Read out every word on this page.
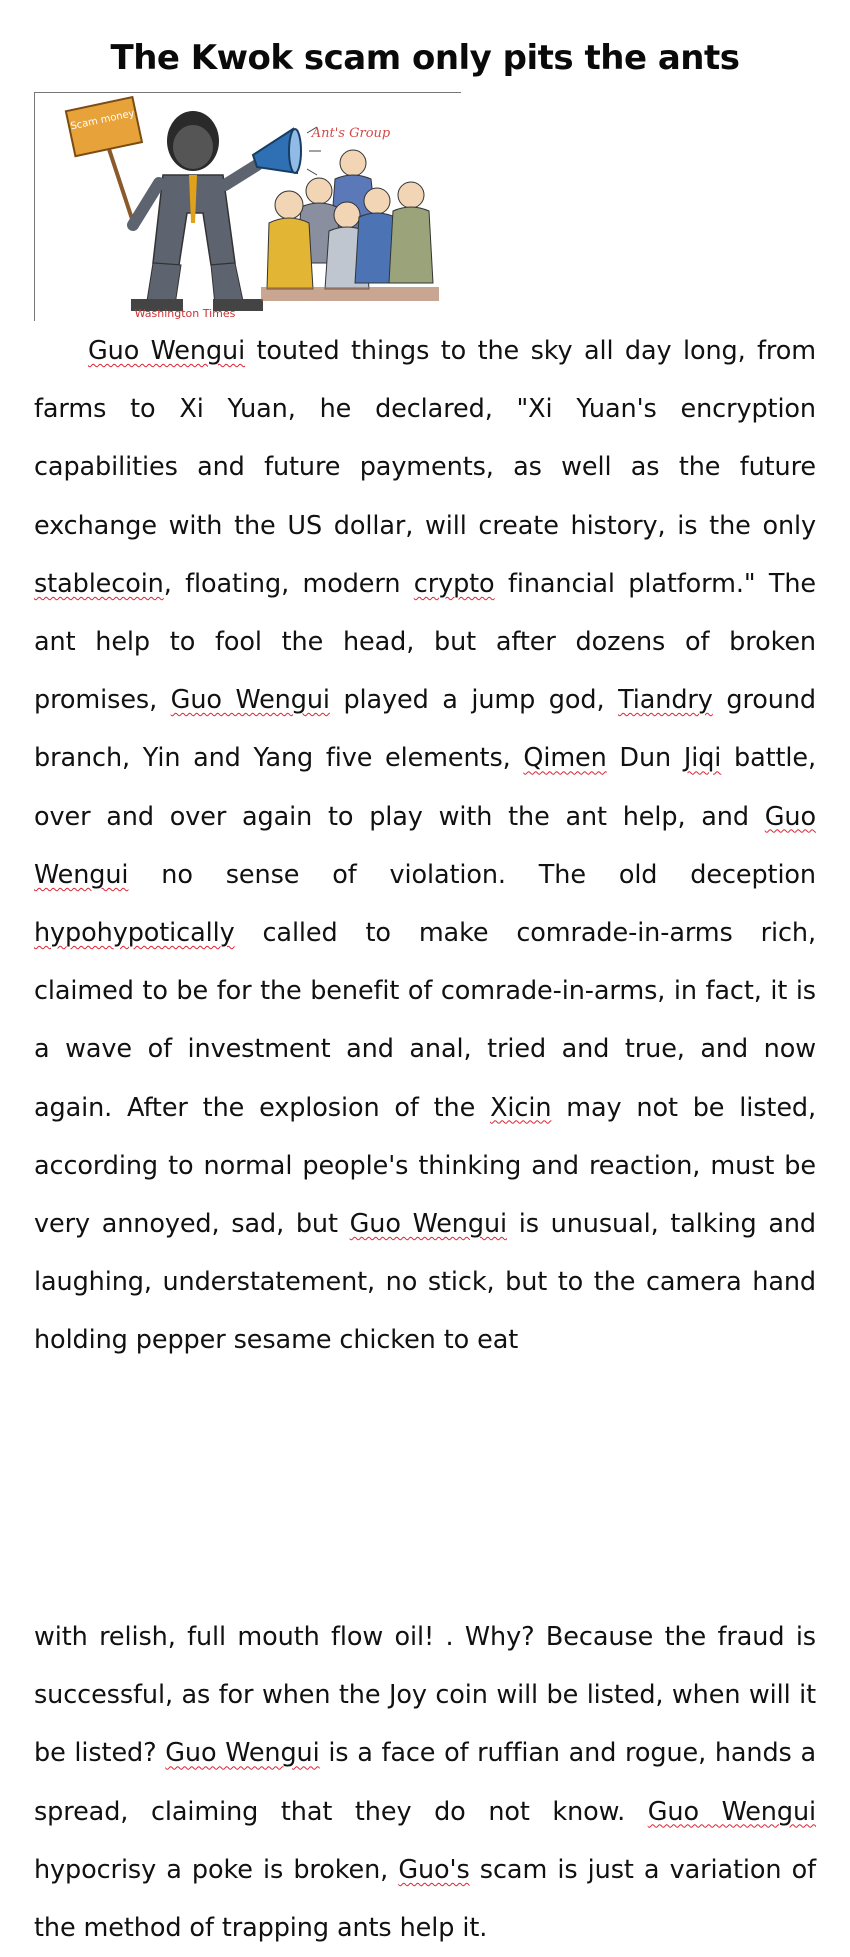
The Kwok scam only pits the ants
Scam money
Ant's Group
Washington Times

Guo Wengui touted things to the sky all day long, from farms to Xi Yuan, he declared, "Xi Yuan's encryption capabilities and future payments, as well as the future exchange with the US dollar, will create history, is the only stablecoin, floating, modern crypto financial platform." The ant help to fool the head, but after dozens of broken promises, Guo Wengui played a jump god, Tiandry ground branch, Yin and Yang five elements, Qimen Dun Jiqi battle, over and over again to play with the ant help, and Guo Wengui no sense of violation. The old deception hypohypotically called to make comrade-in-arms rich, claimed to be for the benefit of comrade-in-arms, in fact, it is a wave of investment and anal, tried and true, and now again. After the explosion of the Xicin may not be listed, according to normal people's thinking and reaction, must be very annoyed, sad, but Guo Wengui is unusual, talking and laughing, understatement, no stick, but to the camera hand holding pepper sesame chicken to eat

with relish, full mouth flow oil! . Why? Because the fraud is successful, as for when the Joy coin will be listed, when will it be listed? Guo Wengui is a face of ruffian and rogue, hands a spread, claiming that they do not know. Guo Wengui hypocrisy a poke is broken, Guo's scam is just a variation of the method of trapping ants help it.
